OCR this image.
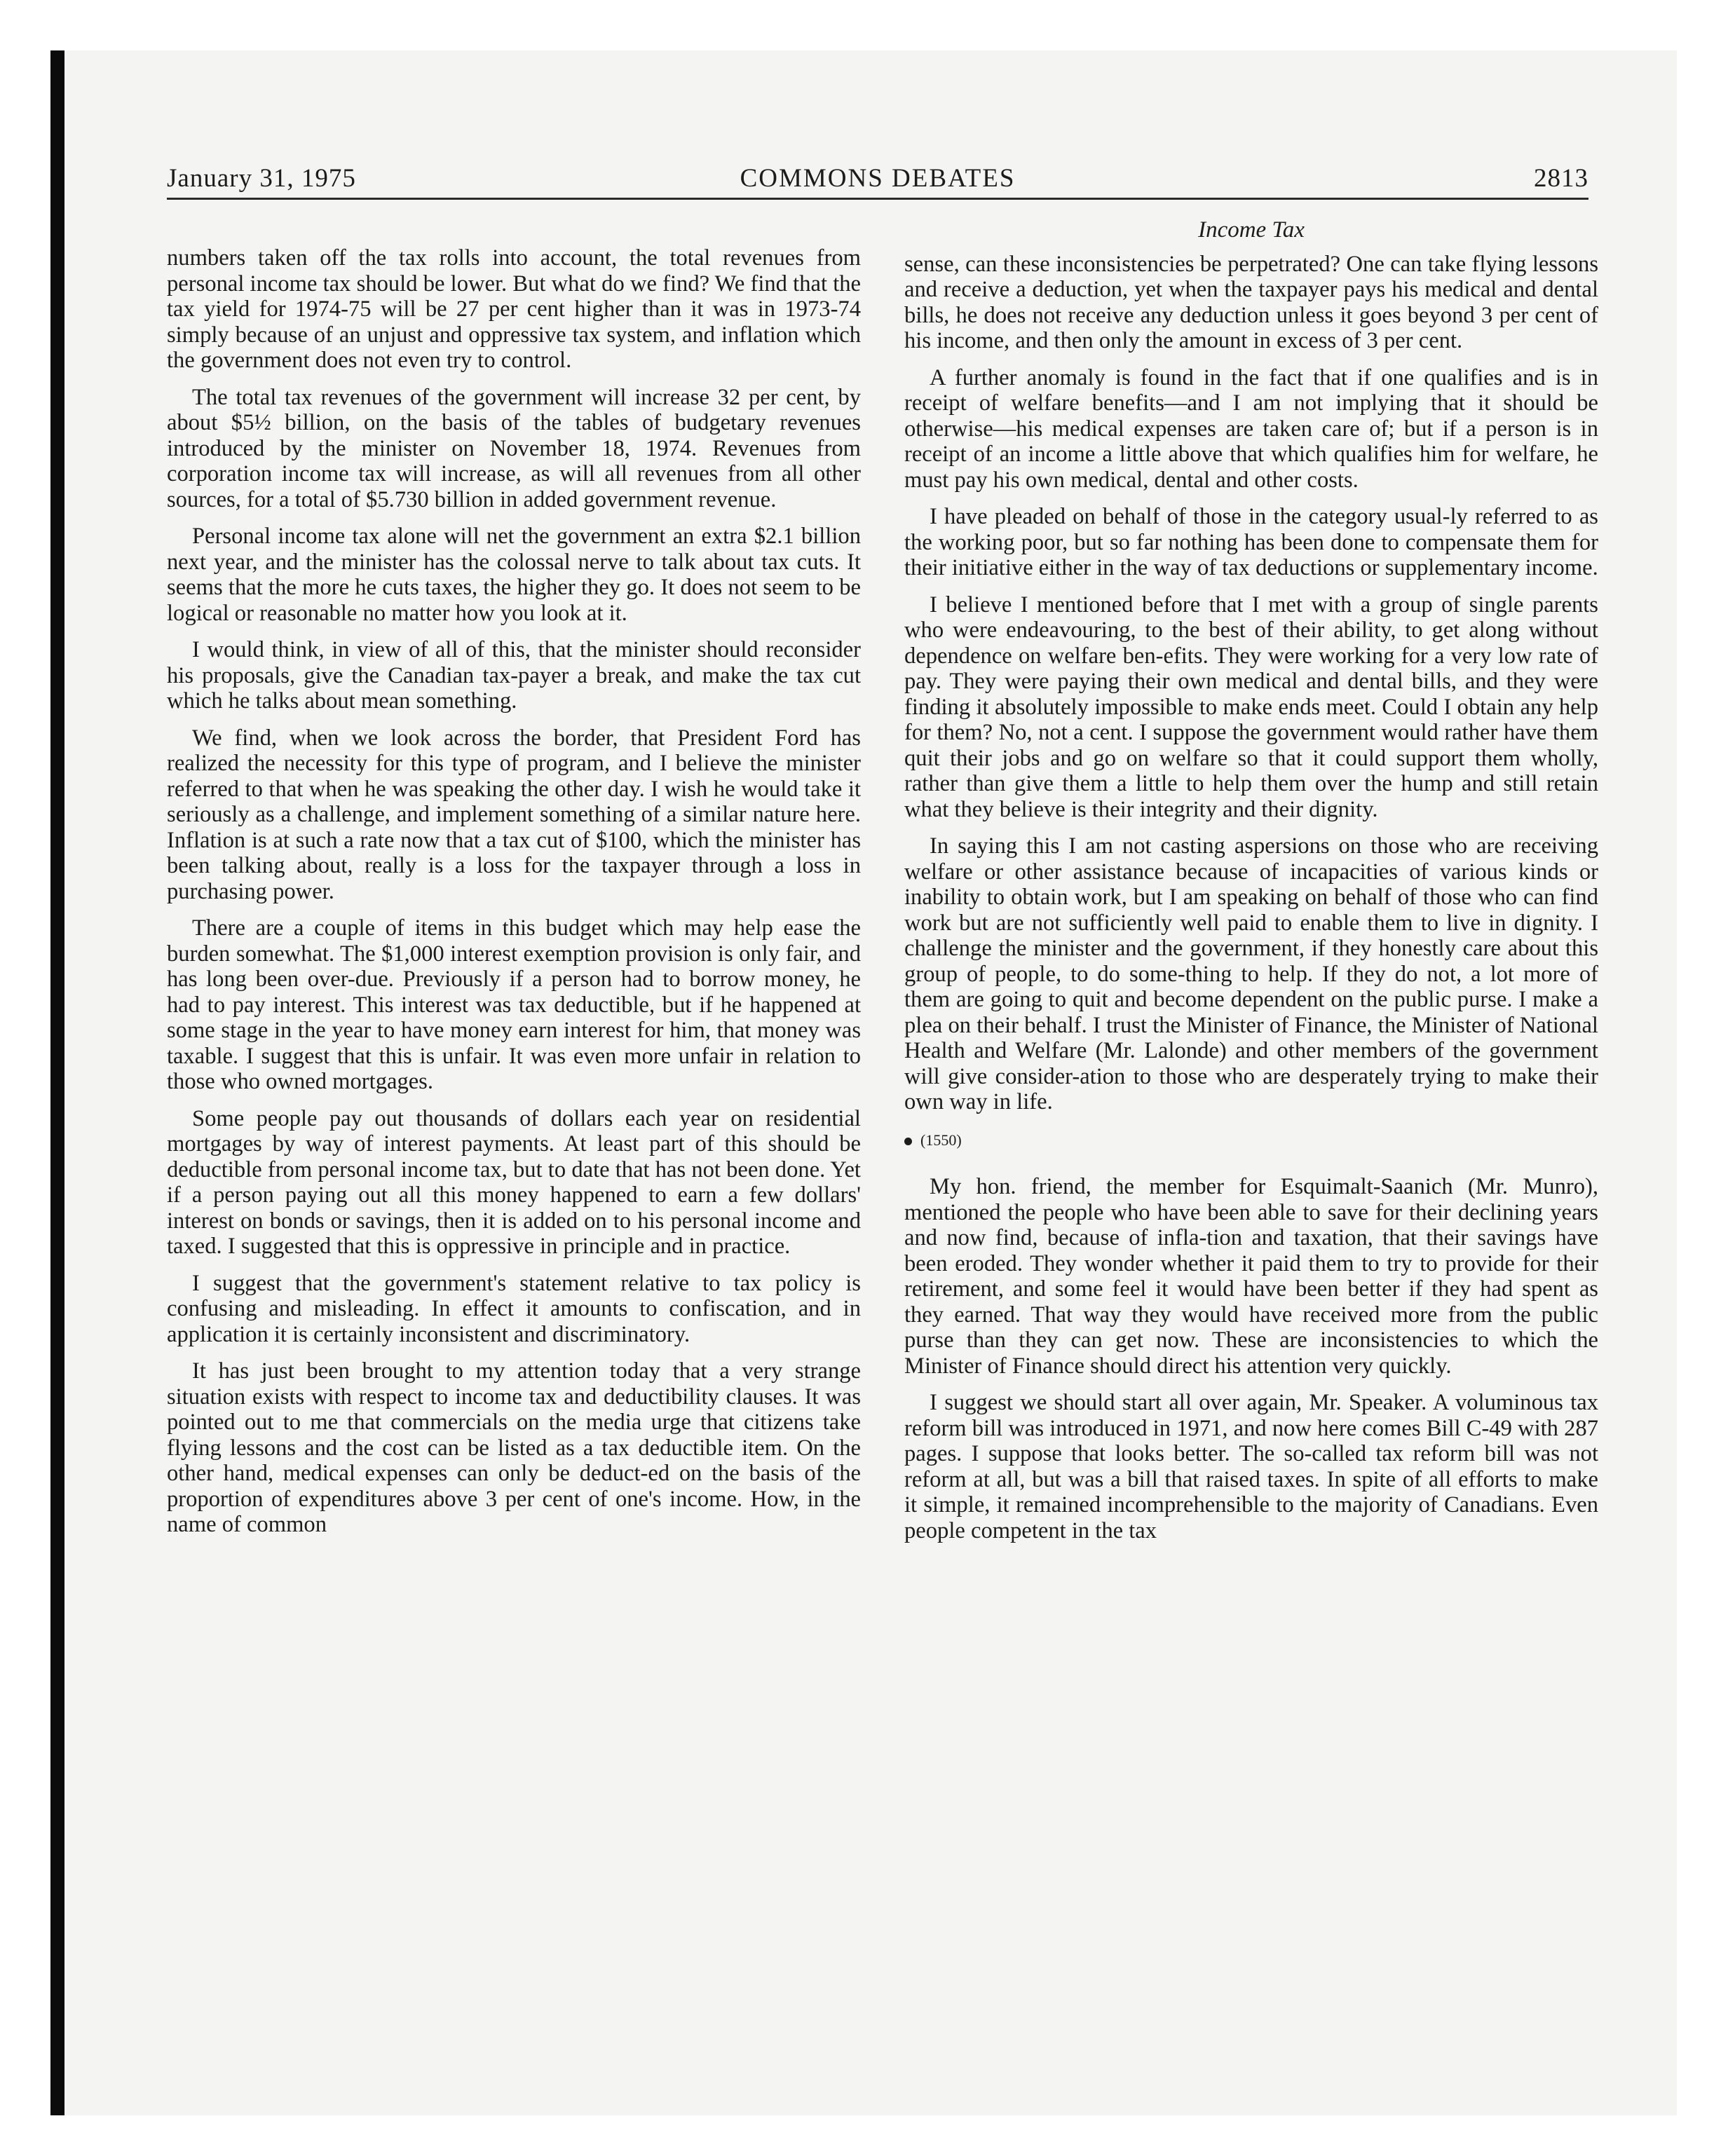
January 31, 1975	COMMONS DEBATES	2813

numbers taken off the tax rolls into account, the total revenues from personal income tax should be lower. But what do we find? We find that the tax yield for 1974-75 will be 27 per cent higher than it was in 1973-74 simply because of an unjust and oppressive tax system, and inflation which the government does not even try to control.

The total tax revenues of the government will increase 32 per cent, by about $5½ billion, on the basis of the tables of budgetary revenues introduced by the minister on November 18, 1974. Revenues from corporation income tax will increase, as will all revenues from all other sources, for a total of $5.730 billion in added government revenue.

Personal income tax alone will net the government an extra $2.1 billion next year, and the minister has the colossal nerve to talk about tax cuts. It seems that the more he cuts taxes, the higher they go. It does not seem to be logical or reasonable no matter how you look at it.

I would think, in view of all of this, that the minister should reconsider his proposals, give the Canadian tax-payer a break, and make the tax cut which he talks about mean something.

We find, when we look across the border, that President Ford has realized the necessity for this type of program, and I believe the minister referred to that when he was speaking the other day. I wish he would take it seriously as a challenge, and implement something of a similar nature here. Inflation is at such a rate now that a tax cut of $100, which the minister has been talking about, really is a loss for the taxpayer through a loss in purchasing power.

There are a couple of items in this budget which may help ease the burden somewhat. The $1,000 interest exemption provision is only fair, and has long been over-due. Previously if a person had to borrow money, he had to pay interest. This interest was tax deductible, but if he happened at some stage in the year to have money earn interest for him, that money was taxable. I suggest that this is unfair. It was even more unfair in relation to those who owned mortgages.

Some people pay out thousands of dollars each year on residential mortgages by way of interest payments. At least part of this should be deductible from personal income tax, but to date that has not been done. Yet if a person paying out all this money happened to earn a few dollars' interest on bonds or savings, then it is added on to his personal income and taxed. I suggested that this is oppressive in principle and in practice.

I suggest that the government's statement relative to tax policy is confusing and misleading. In effect it amounts to confiscation, and in application it is certainly inconsistent and discriminatory.

It has just been brought to my attention today that a very strange situation exists with respect to income tax and deductibility clauses. It was pointed out to me that commercials on the media urge that citizens take flying lessons and the cost can be listed as a tax deductible item. On the other hand, medical expenses can only be deduct-ed on the basis of the proportion of expenditures above 3 per cent of one's income. How, in the name of common

Income Tax

sense, can these inconsistencies be perpetrated? One can take flying lessons and receive a deduction, yet when the taxpayer pays his medical and dental bills, he does not receive any deduction unless it goes beyond 3 per cent of his income, and then only the amount in excess of 3 per cent.

A further anomaly is found in the fact that if one qualifies and is in receipt of welfare benefits—and I am not implying that it should be otherwise—his medical expenses are taken care of; but if a person is in receipt of an income a little above that which qualifies him for welfare, he must pay his own medical, dental and other costs.

I have pleaded on behalf of those in the category usual-ly referred to as the working poor, but so far nothing has been done to compensate them for their initiative either in the way of tax deductions or supplementary income.

I believe I mentioned before that I met with a group of single parents who were endeavouring, to the best of their ability, to get along without dependence on welfare ben-efits. They were working for a very low rate of pay. They were paying their own medical and dental bills, and they were finding it absolutely impossible to make ends meet. Could I obtain any help for them? No, not a cent. I suppose the government would rather have them quit their jobs and go on welfare so that it could support them wholly, rather than give them a little to help them over the hump and still retain what they believe is their integrity and their dignity.

In saying this I am not casting aspersions on those who are receiving welfare or other assistance because of incapacities of various kinds or inability to obtain work, but I am speaking on behalf of those who can find work but are not sufficiently well paid to enable them to live in dignity. I challenge the minister and the government, if they honestly care about this group of people, to do some-thing to help. If they do not, a lot more of them are going to quit and become dependent on the public purse. I make a plea on their behalf. I trust the Minister of Finance, the Minister of National Health and Welfare (Mr. Lalonde) and other members of the government will give consider-ation to those who are desperately trying to make their own way in life.

(1550)

My hon. friend, the member for Esquimalt-Saanich (Mr. Munro), mentioned the people who have been able to save for their declining years and now find, because of infla-tion and taxation, that their savings have been eroded. They wonder whether it paid them to try to provide for their retirement, and some feel it would have been better if they had spent as they earned. That way they would have received more from the public purse than they can get now. These are inconsistencies to which the Minister of Finance should direct his attention very quickly.

I suggest we should start all over again, Mr. Speaker. A voluminous tax reform bill was introduced in 1971, and now here comes Bill C-49 with 287 pages. I suppose that looks better. The so-called tax reform bill was not reform at all, but was a bill that raised taxes. In spite of all efforts to make it simple, it remained incomprehensible to the majority of Canadians. Even people competent in the tax
